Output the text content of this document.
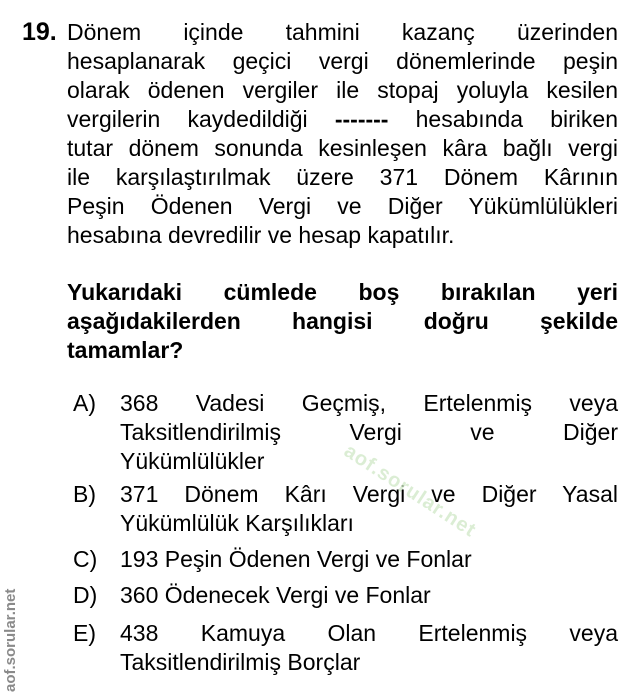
19. Dönem içinde tahmini kazanç üzerinden
hesaplanarak geçici vergi dönemlerinde peşin
olarak ödenen vergiler ile stopaj yoluyla kesilen
vergilerin kaydedildiği ------- hesabında biriken
tutar dönem sonunda kesinleşen kâra bağlı vergi
ile karşılaştırılmak üzere 371 Dönem Kârının
Peşin Ödenen Vergi ve Diğer Yükümlülükleri
hesabına devredilir ve hesap kapatılır.
Yukarıdaki cümlede boş bırakılan yeri
aşağıdakilerden hangisi doğru şekilde
tamamlar?
A) 368 Vadesi Geçmiş, Ertelenmiş veya
Taksitlendirilmiş Vergi ve Diğer
Yükümlülükler
B) 371 Dönem Kârı Vergi ve Diğer Yasal
Yükümlülük Karşılıkları
C) 193 Peşin Ödenen Vergi ve Fonlar
D) 360 Ödenecek Vergi ve Fonlar
E) 438 Kamuya Olan Ertelenmiş veya
Taksitlendirilmiş Borçlar
aof.sorular.net
aof.sorular.net
